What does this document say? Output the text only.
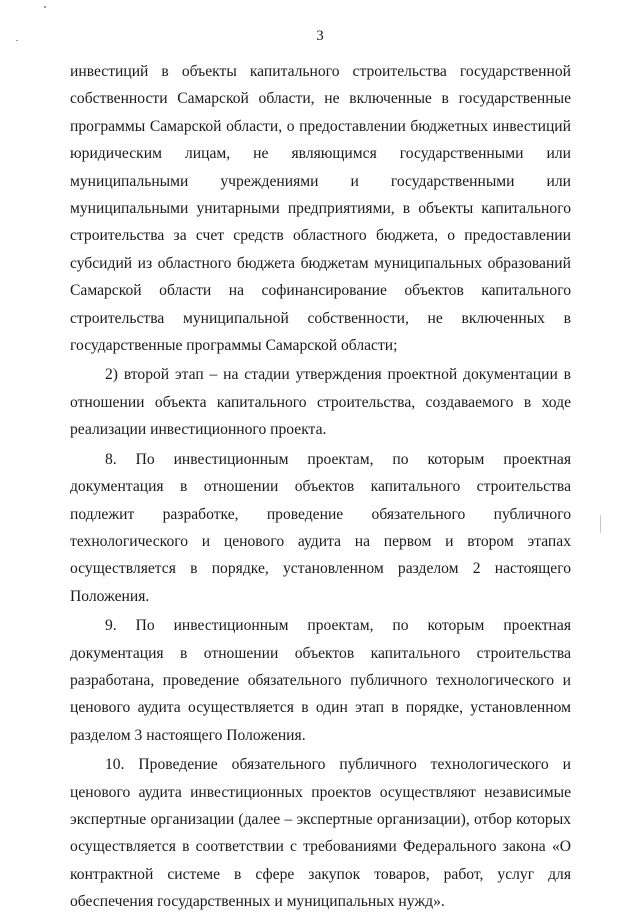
3

инвестиций в объекты капитального строительства государственной собственности Самарской области, не включенные в государственные программы Самарской области, о предоставлении бюджетных инвестиций юридическим лицам, не являющимся государственными или муниципальными учреждениями и государственными или муниципальными унитарными предприятиями, в объекты капитального строительства за счет средств областного бюджета, о предоставлении субсидий из областного бюджета бюджетам муниципальных образований Самарской области на софинансирование объектов капитального строительства муниципальной собственности, не включенных в государственные программы Самарской области;

2) второй этап – на стадии утверждения проектной документации в отношении объекта капитального строительства, создаваемого в ходе реализации инвестиционного проекта.

8. По инвестиционным проектам, по которым проектная документация в отношении объектов капитального строительства подлежит разработке, проведение обязательного публичного технологического и ценового аудита на первом и втором этапах осуществляется в порядке, установленном разделом 2 настоящего Положения.

9. По инвестиционным проектам, по которым проектная документация в отношении объектов капитального строительства разработана, проведение обязательного публичного технологического и ценового аудита осуществляется в один этап в порядке, установленном разделом 3 настоящего Положения.

10. Проведение обязательного публичного технологического и ценового аудита инвестиционных проектов осуществляют независимые экспертные организации (далее – экспертные организации), отбор которых осуществляется в соответствии с требованиями Федерального закона «О контрактной системе в сфере закупок товаров, работ, услуг для обеспечения государственных и муниципальных нужд».
